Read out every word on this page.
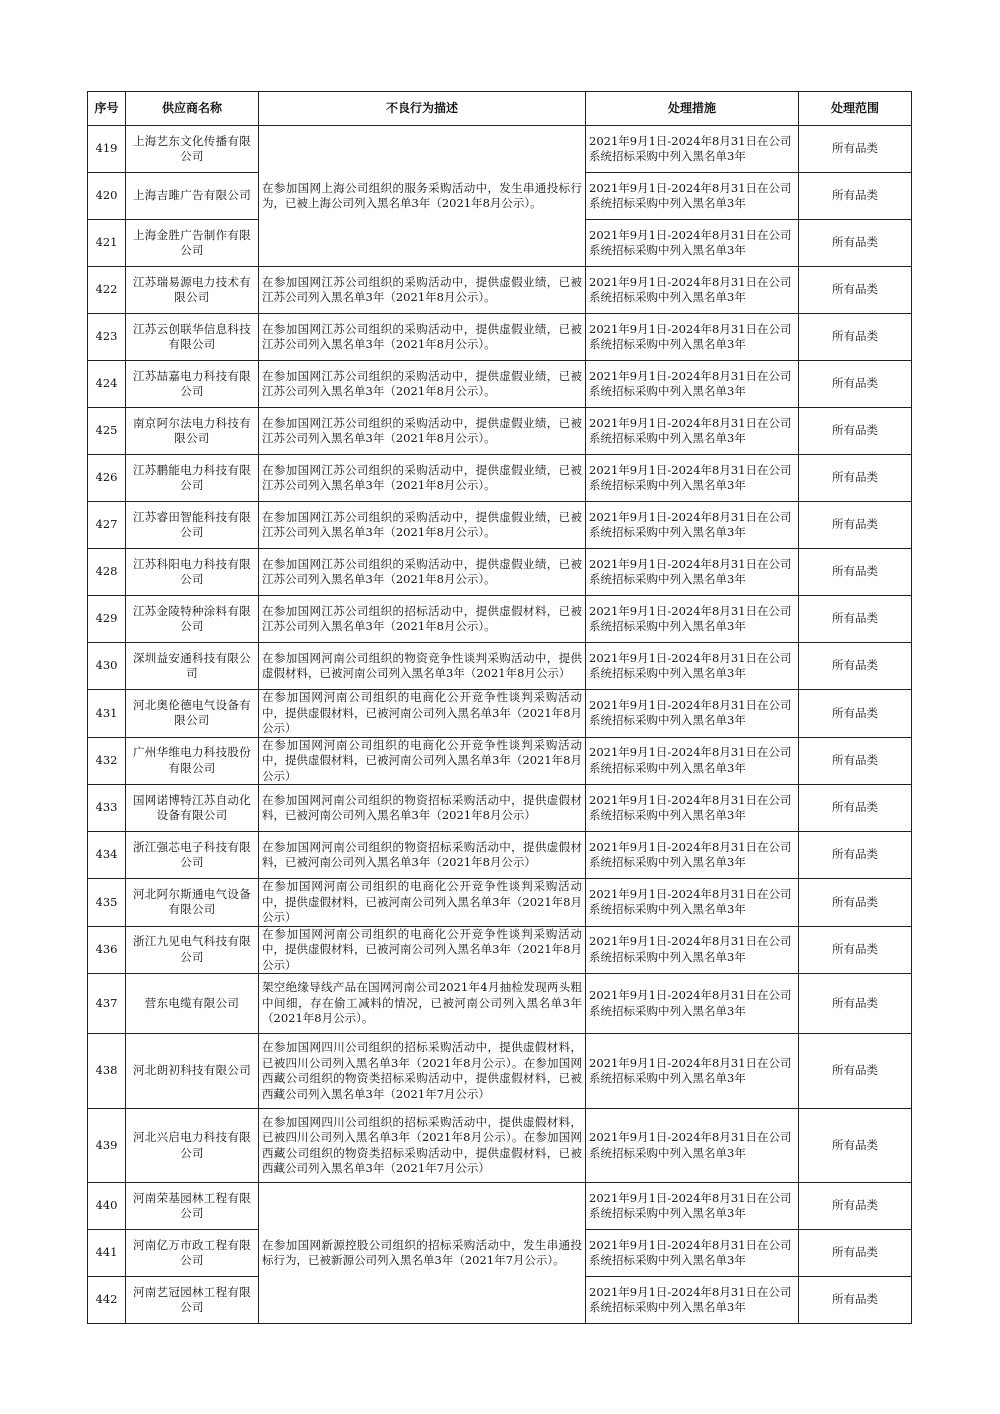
序号	供应商名称	不良行为描述	处理措施	处理范围
419	上海艺东文化传播有限公司	在参加国网上海公司组织的服务采购活动中，发生串通投标行为，已被上海公司列入黑名单3年（2021年8月公示）。	2021年9月1日-2024年8月31日在公司系统招标采购中列入黑名单3年	所有品类
420	上海吉雎广告有限公司		2021年9月1日-2024年8月31日在公司系统招标采购中列入黑名单3年	所有品类
421	上海金胜广告制作有限公司		2021年9月1日-2024年8月31日在公司系统招标采购中列入黑名单3年	所有品类
422	江苏瑞易源电力技术有限公司	在参加国网江苏公司组织的采购活动中，提供虚假业绩，已被江苏公司列入黑名单3年（2021年8月公示）。	2021年9月1日-2024年8月31日在公司系统招标采购中列入黑名单3年	所有品类
423	江苏云创联华信息科技有限公司	在参加国网江苏公司组织的采购活动中，提供虚假业绩，已被江苏公司列入黑名单3年（2021年8月公示）。	2021年9月1日-2024年8月31日在公司系统招标采购中列入黑名单3年	所有品类
424	江苏喆嘉电力科技有限公司	在参加国网江苏公司组织的采购活动中，提供虚假业绩，已被江苏公司列入黑名单3年（2021年8月公示）。	2021年9月1日-2024年8月31日在公司系统招标采购中列入黑名单3年	所有品类
425	南京阿尔法电力科技有限公司	在参加国网江苏公司组织的采购活动中，提供虚假业绩，已被江苏公司列入黑名单3年（2021年8月公示）。	2021年9月1日-2024年8月31日在公司系统招标采购中列入黑名单3年	所有品类
426	江苏鹏能电力科技有限公司	在参加国网江苏公司组织的采购活动中，提供虚假业绩，已被江苏公司列入黑名单3年（2021年8月公示）。	2021年9月1日-2024年8月31日在公司系统招标采购中列入黑名单3年	所有品类
427	江苏睿田智能科技有限公司	在参加国网江苏公司组织的采购活动中，提供虚假业绩，已被江苏公司列入黑名单3年（2021年8月公示）。	2021年9月1日-2024年8月31日在公司系统招标采购中列入黑名单3年	所有品类
428	江苏科阳电力科技有限公司	在参加国网江苏公司组织的采购活动中，提供虚假业绩，已被江苏公司列入黑名单3年（2021年8月公示）。	2021年9月1日-2024年8月31日在公司系统招标采购中列入黑名单3年	所有品类
429	江苏金陵特种涂料有限公司	在参加国网江苏公司组织的招标活动中，提供虚假材料，已被江苏公司列入黑名单3年（2021年8月公示）。	2021年9月1日-2024年8月31日在公司系统招标采购中列入黑名单3年	所有品类
430	深圳益安通科技有限公司	在参加国网河南公司组织的物资竞争性谈判采购活动中，提供虚假材料，已被河南公司列入黑名单3年（2021年8月公示）	2021年9月1日-2024年8月31日在公司系统招标采购中列入黑名单3年	所有品类
431	河北奥伦德电气设备有限公司	在参加国网河南公司组织的电商化公开竞争性谈判采购活动中，提供虚假材料，已被河南公司列入黑名单3年（2021年8月公示）	2021年9月1日-2024年8月31日在公司系统招标采购中列入黑名单3年	所有品类
432	广州华维电力科技股份有限公司	在参加国网河南公司组织的电商化公开竞争性谈判采购活动中，提供虚假材料，已被河南公司列入黑名单3年（2021年8月公示）	2021年9月1日-2024年8月31日在公司系统招标采购中列入黑名单3年	所有品类
433	国网诺博特江苏自动化设备有限公司	在参加国网河南公司组织的物资招标采购活动中，提供虚假材料，已被河南公司列入黑名单3年（2021年8月公示）	2021年9月1日-2024年8月31日在公司系统招标采购中列入黑名单3年	所有品类
434	浙江强芯电子科技有限公司	在参加国网河南公司组织的物资招标采购活动中，提供虚假材料，已被河南公司列入黑名单3年（2021年8月公示）	2021年9月1日-2024年8月31日在公司系统招标采购中列入黑名单3年	所有品类
435	河北阿尔斯通电气设备有限公司	在参加国网河南公司组织的电商化公开竞争性谈判采购活动中，提供虚假材料，已被河南公司列入黑名单3年（2021年8月公示）	2021年9月1日-2024年8月31日在公司系统招标采购中列入黑名单3年	所有品类
436	浙江九见电气科技有限公司	在参加国网河南公司组织的电商化公开竞争性谈判采购活动中，提供虚假材料，已被河南公司列入黑名单3年（2021年8月公示）	2021年9月1日-2024年8月31日在公司系统招标采购中列入黑名单3年	所有品类
437	营东电缆有限公司	架空绝缘导线产品在国网河南公司2021年4月抽检发现两头粗中间细，存在偷工减料的情况，已被河南公司列入黑名单3年（2021年8月公示）。	2021年9月1日-2024年8月31日在公司系统招标采购中列入黑名单3年	所有品类
438	河北朗初科技有限公司	在参加国网四川公司组织的招标采购活动中，提供虚假材料，已被四川公司列入黑名单3年（2021年8月公示）。在参加国网西藏公司组织的物资类招标采购活动中，提供虚假材料，已被西藏公司列入黑名单3年（2021年7月公示）	2021年9月1日-2024年8月31日在公司系统招标采购中列入黑名单3年	所有品类
439	河北兴启电力科技有限公司	在参加国网四川公司组织的招标采购活动中，提供虚假材料，已被四川公司列入黑名单3年（2021年8月公示）。在参加国网西藏公司组织的物资类招标采购活动中，提供虚假材料，已被西藏公司列入黑名单3年（2021年7月公示）	2021年9月1日-2024年8月31日在公司系统招标采购中列入黑名单3年	所有品类
440	河南荣基园林工程有限公司	在参加国网新源控股公司组织的招标采购活动中，发生串通投标行为，已被新源公司列入黑名单3年（2021年7月公示）。	2021年9月1日-2024年8月31日在公司系统招标采购中列入黑名单3年	所有品类
441	河南亿万市政工程有限公司		2021年9月1日-2024年8月31日在公司系统招标采购中列入黑名单3年	所有品类
442	河南艺冠园林工程有限公司		2021年9月1日-2024年8月31日在公司系统招标采购中列入黑名单3年	所有品类
